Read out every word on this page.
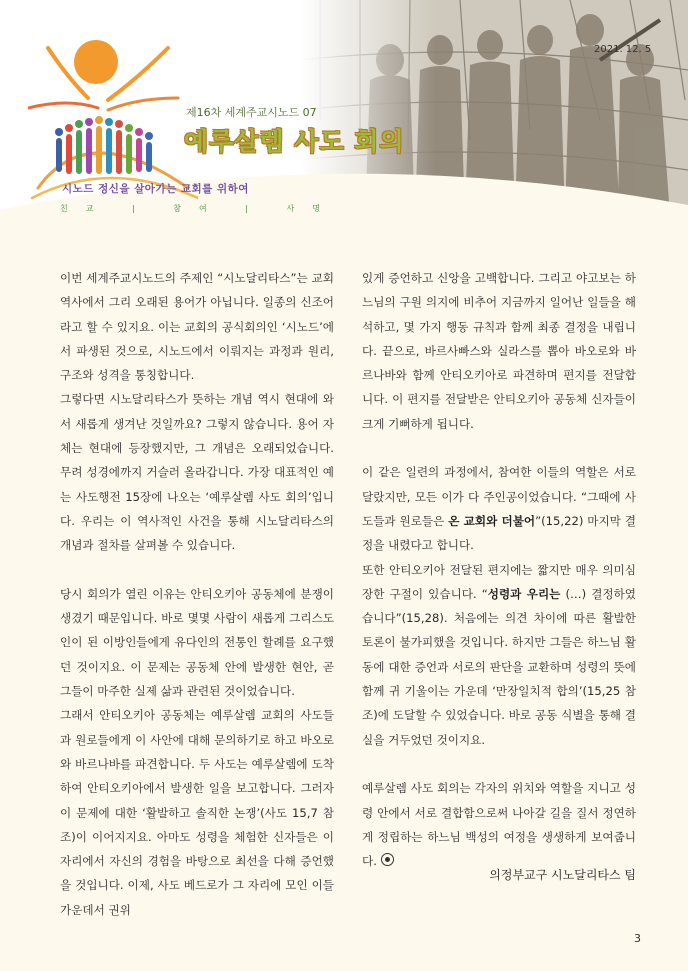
2021. 12. 5
제16차 세계주교시노드 07
예루살렘 사도 회의
시노드 정신을 살아가는 교회를 위하여
친교 | 참여 | 사명

이번 세계주교시노드의 주제인 “시노달리타스”는 교회 역사에서 그리 오래된 용어가 아닙니다. 일종의 신조어라고 할 수 있지요. 이는 교회의 공식회의인 ‘시노드’에서 파생된 것으로, 시노드에서 이뤄지는 과정과 원리, 구조와 성격을 통칭합니다.

그렇다면 시노달리타스가 뜻하는 개념 역시 현대에 와서 새롭게 생겨난 것일까요? 그렇지 않습니다. 용어 자체는 현대에 등장했지만, 그 개념은 오래되었습니다. 무려 성경에까지 거슬러 올라갑니다. 가장 대표적인 예는 사도행전 15장에 나오는 ‘예루살렘 사도 회의’입니다. 우리는 이 역사적인 사건을 통해 시노달리타스의 개념과 절차를 살펴볼 수 있습니다.

당시 회의가 열린 이유는 안티오키아 공동체에 분쟁이 생겼기 때문입니다. 바로 몇몇 사람이 새롭게 그리스도인이 된 이방인들에게 유다인의 전통인 할례를 요구했던 것이지요. 이 문제는 공동체 안에 발생한 현안, 곧 그들이 마주한 실제 삶과 관련된 것이었습니다.

그래서 안티오키아 공동체는 예루살렘 교회의 사도들과 원로들에게 이 사안에 대해 문의하기로 하고 바오로와 바르나바를 파견합니다. 두 사도는 예루살렘에 도착하여 안티오키아에서 발생한 일을 보고합니다. 그러자 이 문제에 대한 ‘활발하고 솔직한 논쟁’(사도 15,7 참조)이 이어지지요. 아마도 성령을 체험한 신자들은 이 자리에서 자신의 경험을 바탕으로 최선을 다해 증언했을 것입니다. 이제, 사도 베드로가 그 자리에 모인 이들 가운데서 권위

있게 증언하고 신앙을 고백합니다. 그리고 야고보는 하느님의 구원 의지에 비추어 지금까지 일어난 일들을 해석하고, 몇 가지 행동 규칙과 함께 최종 결정을 내립니다. 끝으로, 바르사빠스와 실라스를 뽑아 바오로와 바르나바와 함께 안티오키아로 파견하며 편지를 전달합니다. 이 편지를 전달받은 안티오키아 공동체 신자들이 크게 기뻐하게 됩니다.

이 같은 일련의 과정에서, 참여한 이들의 역할은 서로 달랐지만, 모든 이가 다 주인공이었습니다. “그때에 사도들과 원로들은 온 교회와 더불어”(15,22) 마지막 결정을 내렸다고 합니다.

또한 안티오키아 전달된 편지에는 짧지만 매우 의미심장한 구절이 있습니다. “성령과 우리는 (…) 결정하였습니다”(15,28). 처음에는 의견 차이에 따른 활발한 토론이 불가피했을 것입니다. 하지만 그들은 하느님 활동에 대한 증언과 서로의 판단을 교환하며 성령의 뜻에 함께 귀 기울이는 가운데 ‘만장일치적 합의’(15,25 참조)에 도달할 수 있었습니다. 바로 공동 식별을 통해 결실을 거두었던 것이지요.

예루살렘 사도 회의는 각자의 위치와 역할을 지니고 성령 안에서 서로 결합함으로써 나아갈 길을 질서 정연하게 정립하는 하느님 백성의 여정을 생생하게 보여줍니다.

의정부교구 시노달리타스 팀
3
